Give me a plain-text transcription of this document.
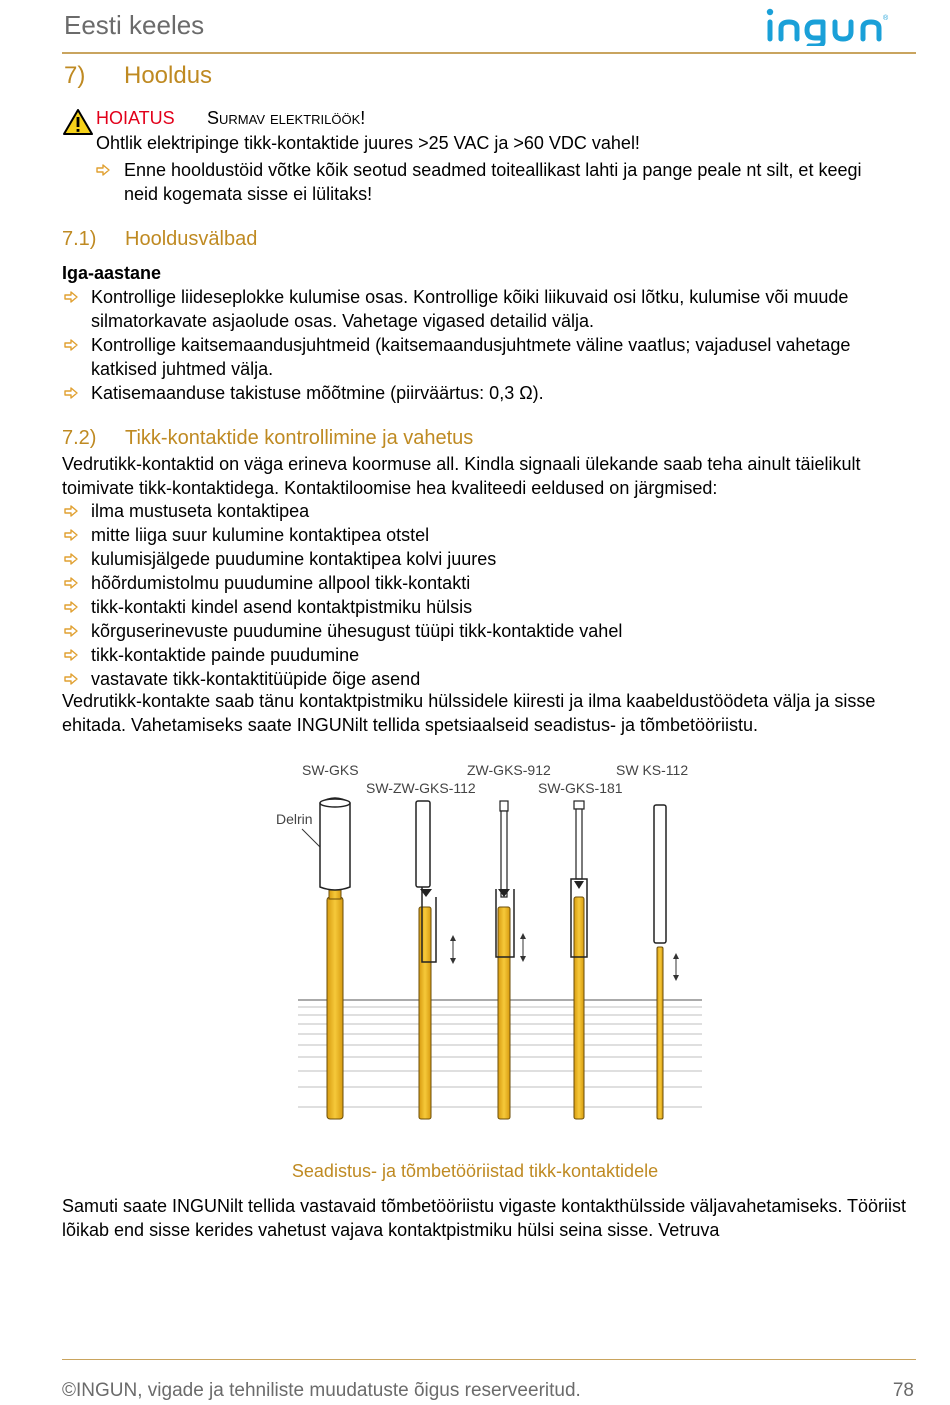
Eesti keeles	®
7) Hooldus
HOIATUS Surmav elektrilöök!
Ohtlik elektripinge tikk-kontaktide juures >25 VAC ja >60 VDC vahel!
Enne hooldustöid võtke kõik seotud seadmed toiteallikast lahti ja pange peale nt silt, et keegi neid kogemata sisse ei lülitaks!
7.1) Hooldusvälbad
Iga-aastane
Kontrollige liideseplokke kulumise osas. Kontrollige kõiki liikuvaid osi lõtku, kulumise või muude silmatorkavate asjaolude osas. Vahetage vigased detailid välja.
Kontrollige kaitsemaandusjuhtmeid (kaitsemaandusjuhtmete väline vaatlus; vajadusel vahetage katkised juhtmed välja.
Katisemaanduse takistuse mõõtmine (piirväärtus: 0,3 Ω).
7.2) Tikk-kontaktide kontrollimine ja vahetus
Vedrutikk-kontaktid on väga erineva koormuse all. Kindla signaali ülekande saab teha ainult täielikult toimivate tikk-kontaktidega. Kontaktiloomise hea kvaliteedi eeldused on järgmised:
ilma mustuseta kontaktipea
mitte liiga suur kulumine kontaktipea otstel
kulumisjälgede puudumine kontaktipea kolvi juures
hõõrdumistolmu puudumine allpool tikk-kontakti
tikk-kontakti kindel asend kontaktpistmiku hülsis
kõrguserinevuste puudumine ühesugust tüüpi tikk-kontaktide vahel
tikk-kontaktide painde puudumine
vastavate tikk-kontaktitüüpide õige asend
Vedrutikk-kontakte saab tänu kontaktpistmiku hülssidele kiiresti ja ilma kaabeldustöödeta välja ja sisse ehitada. Vahetamiseks saate INGUNilt tellida spetsiaalseid seadistus- ja tõmbetööriistu.
SW-GKS	ZW-GKS-912	SW KS-112
SW-ZW-GKS-112	SW-GKS-181
Delrin
Seadistus- ja tõmbetööriistad tikk-kontaktidele
Samuti saate INGUNilt tellida vastavaid tõmbetööriistu vigaste kontakthülsside väljavahetamiseks. Tööriist lõikab end sisse kerides vahetust vajava kontaktpistmiku hülsi seina sisse. Vetruva
©INGUN, vigade ja tehniliste muudatuste õigus reserveeritud.	78
